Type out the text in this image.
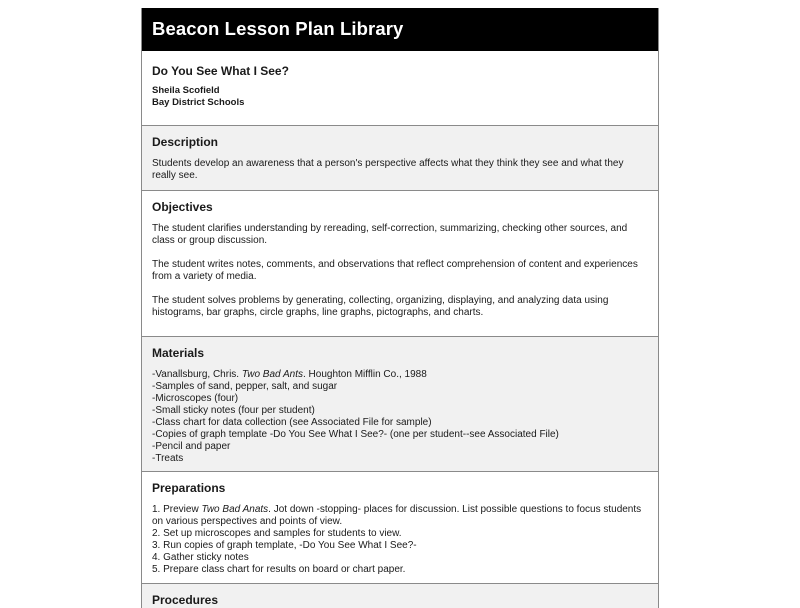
Beacon Lesson Plan Library
Do You See What I See?
Sheila Scofield
Bay District Schools
Description

Students develop an awareness that a person's perspective affects what they think they see and what they really see.

Objectives

The student clarifies understanding by rereading, self-correction, summarizing, checking other sources, and class or group discussion.

The student writes notes, comments, and observations that reflect comprehension of content and experiences from a variety of media.

The student solves problems by generating, collecting, organizing, displaying, and analyzing data using histograms, bar graphs, circle graphs, line graphs, pictographs, and charts.

Materials
-Vanallsburg, Chris. Two Bad Ants. Houghton Mifflin Co., 1988
-Samples of sand, pepper, salt, and sugar
-Microscopes (four)
-Small sticky notes (four per student)
-Class chart for data collection (see Associated File for sample)
-Copies of graph template -Do You See What I See?- (one per student--see Associated File)
-Pencil and paper
-Treats
Preparations

1. Preview Two Bad Anats. Jot down -stopping- places for discussion. List possible questions to focus students on various perspectives and points of view.

2. Set up microscopes and samples for students to view.
3. Run copies of graph template, -Do You See What I See?-
4. Gather sticky notes
5. Prepare class chart for results on board or chart paper.
Procedures
